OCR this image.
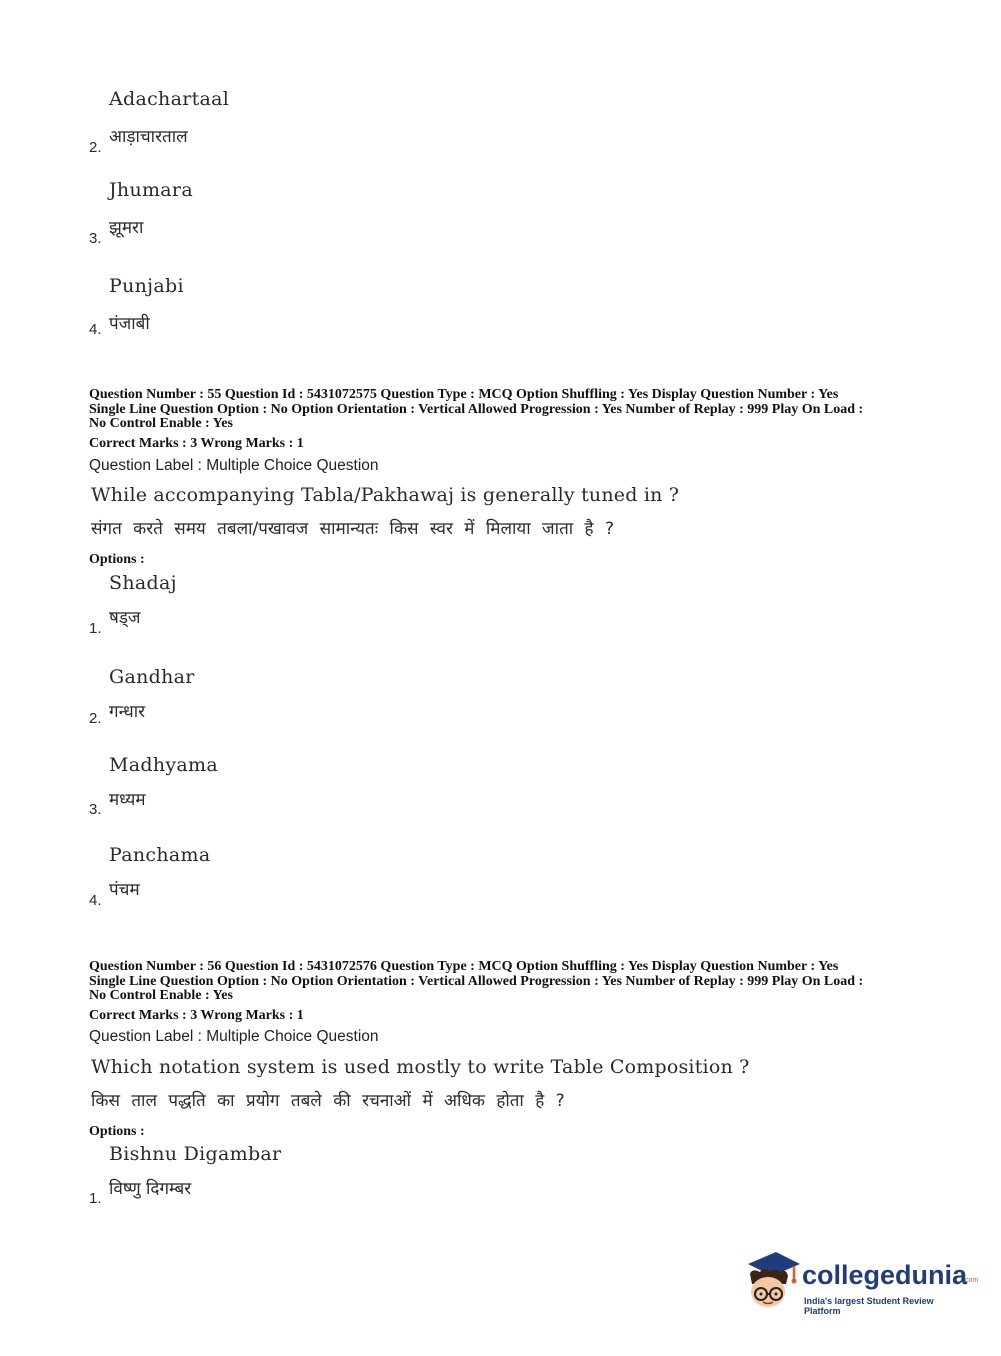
Adachartaal
आड़ाचारताल
2.
Jhumara
झूमरा
3.
Punjabi
पंजाबी
4.
Question Number : 55 Question Id : 5431072575 Question Type : MCQ Option Shuffling : Yes Display Question Number : Yes
Single Line Question Option : No Option Orientation : Vertical Allowed Progression : Yes Number of Replay : 999 Play On Load :
No Control Enable : Yes
Correct Marks : 3 Wrong Marks : 1
Question Label : Multiple Choice Question
While accompanying Tabla/Pakhawaj is generally tuned in ?
संगत करते समय तबला/पखावज सामान्यतः किस स्वर में मिलाया जाता है ?
Options :
Shadaj
षड्ज
1.
Gandhar
गन्धार
2.
Madhyama
मध्यम
3.
Panchama
पंचम
4.
Question Number : 56 Question Id : 5431072576 Question Type : MCQ Option Shuffling : Yes Display Question Number : Yes
Single Line Question Option : No Option Orientation : Vertical Allowed Progression : Yes Number of Replay : 999 Play On Load :
No Control Enable : Yes
Correct Marks : 3 Wrong Marks : 1
Question Label : Multiple Choice Question
Which notation system is used mostly to write Table Composition ?
किस ताल पद्धति का प्रयोग तबले की रचनाओं में अधिक होता है ?
Options :
Bishnu Digambar
विष्णु दिगम्बर
1.
collegedunia
.com
India's largest Student Review Platform
